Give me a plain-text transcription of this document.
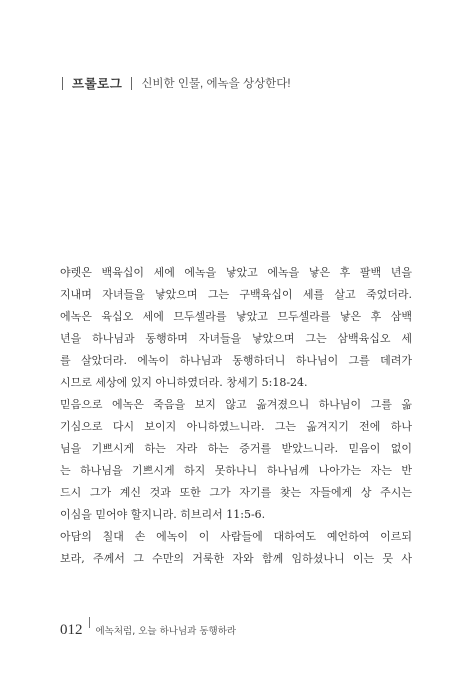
프롤로그 신비한 인물, 에녹을 상상한다!
야렛은 백육십이 세에 에녹을 낳았고 에녹을 낳은 후 팔백 년을
지내며 자녀들을 낳았으며 그는 구백육십이 세를 살고 죽었더라.
에녹은 육십오 세에 므두셀라를 낳았고 므두셀라를 낳은 후 삼백
년을 하나님과 동행하며 자녀들을 낳았으며 그는 삼백육십오 세
를 살았더라. 에녹이 하나님과 동행하더니 하나님이 그를 데려가
시므로 세상에 있지 아니하였더라. 창세기 5:18-24.
믿음으로 에녹은 죽음을 보지 않고 옮겨졌으니 하나님이 그를 옮
기심으로 다시 보이지 아니하였느니라. 그는 옮겨지기 전에 하나
님을 기쁘시게 하는 자라 하는 증거를 받았느니라. 믿음이 없이
는 하나님을 기쁘시게 하지 못하나니 하나님께 나아가는 자는 반
드시 그가 계신 것과 또한 그가 자기를 찾는 자들에게 상 주시는
이심을 믿어야 할지니라. 히브리서 11:5-6.
아담의 칠대 손 에녹이 이 사람들에 대하여도 예언하여 이르되
보라, 주께서 그 수만의 거룩한 자와 함께 임하셨나니 이는 뭇 사
012 에녹처럼, 오늘 하나님과 동행하라
